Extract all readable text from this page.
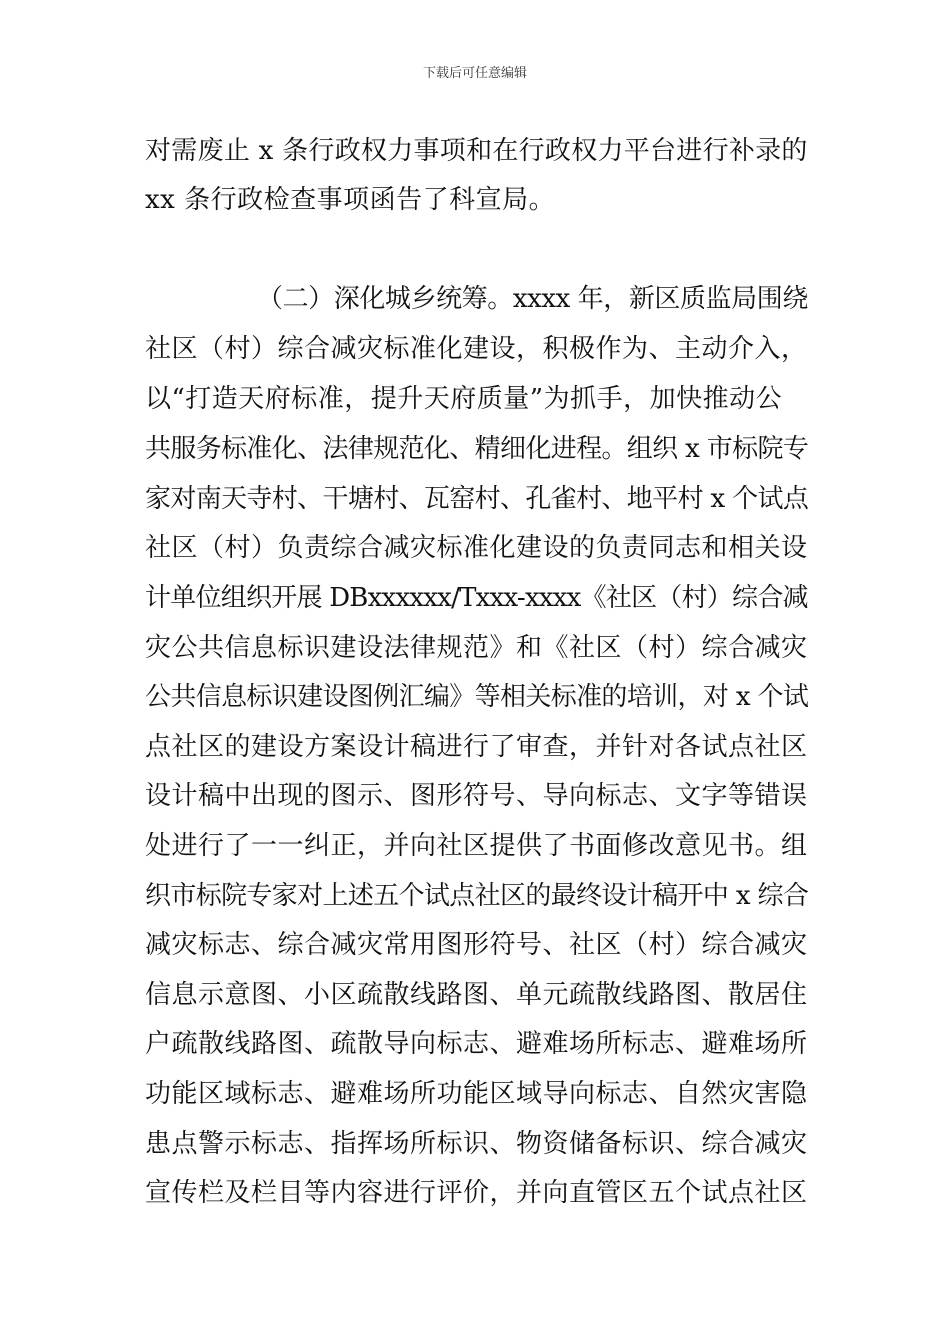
下载后可任意编辑
对需废止 x 条行政权力事项和在行政权力平台进行补录的
xx 条行政检查事项函告了科宣局。
（二）深化城乡统筹。xxxx 年，新区质监局围绕
社区（村）综合减灾标准化建设，积极作为、主动介入，
以“打造天府标准，提升天府质量”为抓手，加快推动公
共服务标准化、法律规范化、精细化进程。组织 x 市标院专
家对南天寺村、干塘村、瓦窑村、孔雀村、地平村 x 个试点
社区（村）负责综合减灾标准化建设的负责同志和相关设
计单位组织开展 DBxxxxxx/Txxx-xxxx《社区（村）综合减
灾公共信息标识建设法律规范》和《社区（村）综合减灾
公共信息标识建设图例汇编》等相关标准的培训，对 x 个试
点社区的建设方案设计稿进行了审查，并针对各试点社区
设计稿中出现的图示、图形符号、导向标志、文字等错误
处进行了一一纠正，并向社区提供了书面修改意见书。组
织市标院专家对上述五个试点社区的最终设计稿开中 x 综合
减灾标志、综合减灾常用图形符号、社区（村）综合减灾
信息示意图、小区疏散线路图、单元疏散线路图、散居住
户疏散线路图、疏散导向标志、避难场所标志、避难场所
功能区域标志、避难场所功能区域导向标志、自然灾害隐
患点警示标志、指挥场所标识、物资储备标识、综合减灾
宣传栏及栏目等内容进行评价，并向直管区五个试点社区
